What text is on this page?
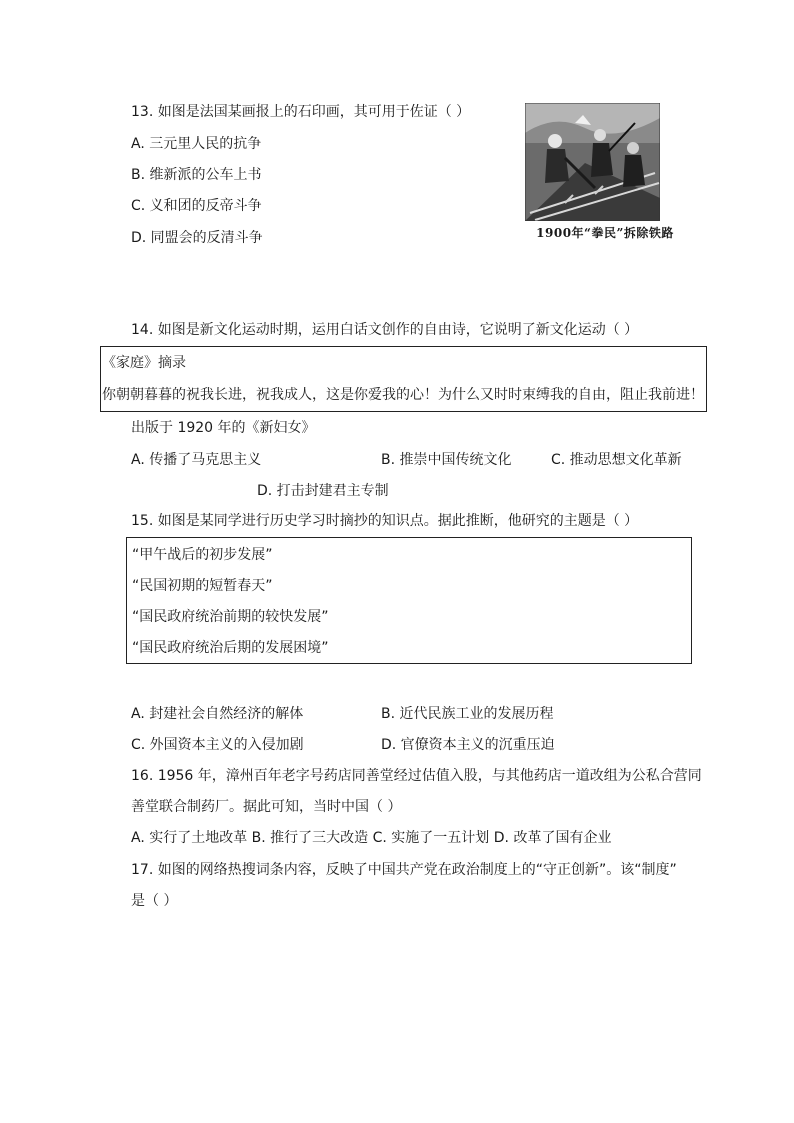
13. 如图是法国某画报上的石印画，其可用于佐证（ ）
A. 三元里人民的抗争
B. 维新派的公车上书
C. 义和团的反帝斗争
D. 同盟会的反清斗争	1900年“拳民”拆除铁路
14. 如图是新文化运动时期，运用白话文创作的自由诗，它说明了新文化运动（ ）
《家庭》摘录
你朝朝暮暮的祝我长进，祝我成人，这是你爱我的心！为什么又时时束缚我的自由，阻止我前进！
出版于 1920 年的《新妇女》
A. 传播了马克思主义	B. 推崇中国传统文化	C. 推动思想文化革新
D. 打击封建君主专制
15. 如图是某同学进行历史学习时摘抄的知识点。据此推断，他研究的主题是（ ）
“甲午战后的初步发展”
“民国初期的短暂春天”
“国民政府统治前期的较快发展”
“国民政府统治后期的发展困境”
A. 封建社会自然经济的解体	B. 近代民族工业的发展历程
C. 外国资本主义的入侵加剧	D. 官僚资本主义的沉重压迫
16. 1956 年，漳州百年老字号药店同善堂经过估值入股，与其他药店一道改组为公私合营同
善堂联合制药厂。据此可知，当时中国（ ）
A. 实行了土地改革 B. 推行了三大改造 C. 实施了一五计划 D. 改革了国有企业
17. 如图的网络热搜词条内容，反映了中国共产党在政治制度上的“守正创新”。该“制度”
是（ ）
